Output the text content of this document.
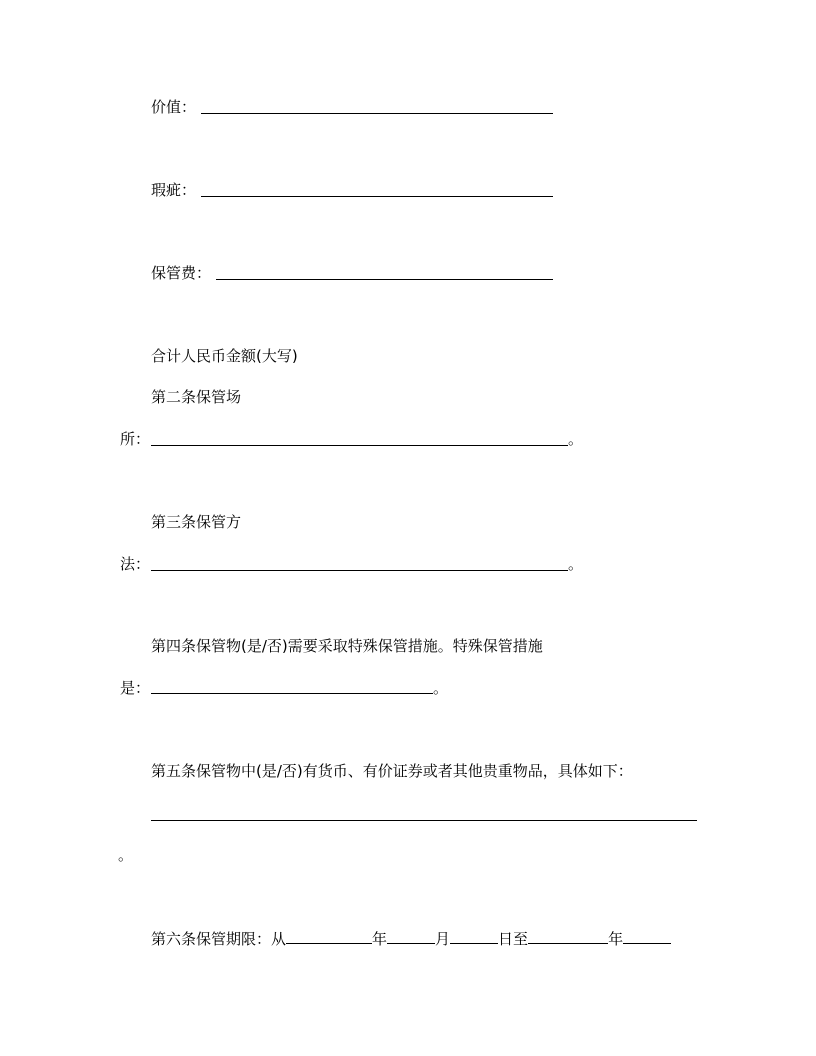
价值：
瑕疵：
保管费：
合计人民币金额(大写)
第二条保管场
所：	。
第三条保管方
法：	。
第四条保管物(是/否)需要采取特殊保管措施。特殊保管措施
是：	。
第五条保管物中(是/否)有货币、有价证券或者其他贵重物品，具体如下：
。
第六条保管期限：从	年	月	日至	年
